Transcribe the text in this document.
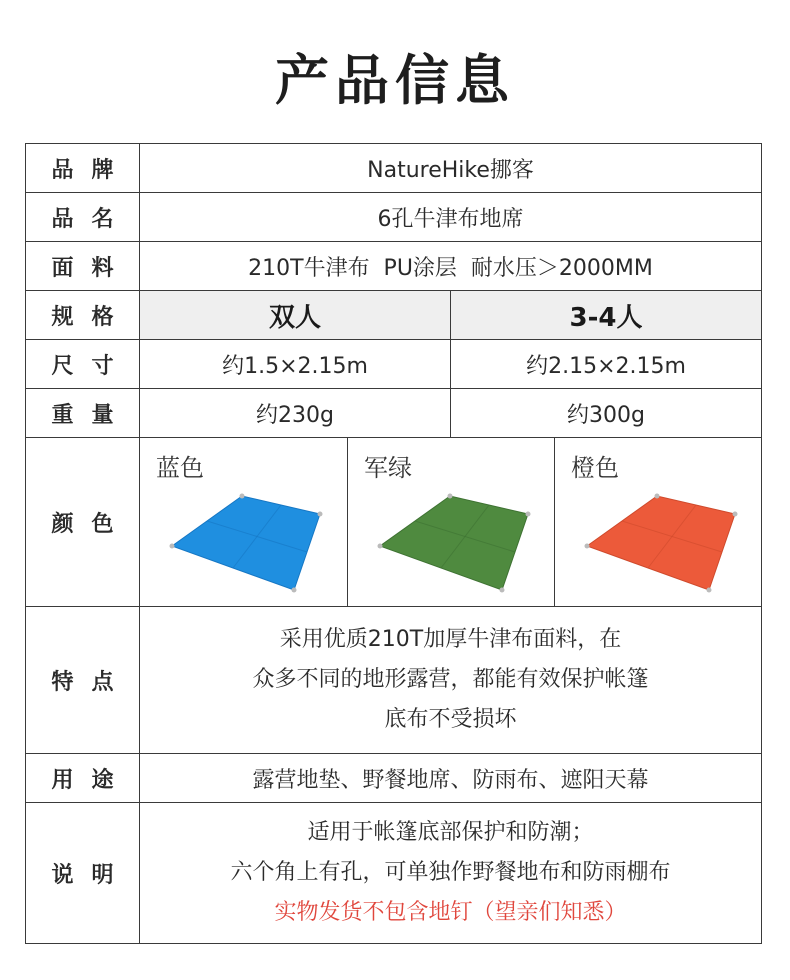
产品信息
品牌	NatureHike挪客			
品名	6孔牛津布地席			
面料	210T牛津布  PU涂层  耐水压＞2000MM			
规格	双人		3-4人	
尺寸	约1.5×2.15m		约2.15×2.15m	
重量	约230g		约300g	
颜色	蓝色	军绿		橙色

特点	采用优质210T加厚牛津布面料，在
众多不同的地形露营，都能有效保护帐篷
底布不受损坏			

用途	露营地垫、野餐地席、防雨布、遮阳天幕			
说明	适用于帐篷底部保护和防潮；
六个角上有孔，可单独作野餐地布和防雨棚布
实物发货不包含地钉（望亲们知悉）			
